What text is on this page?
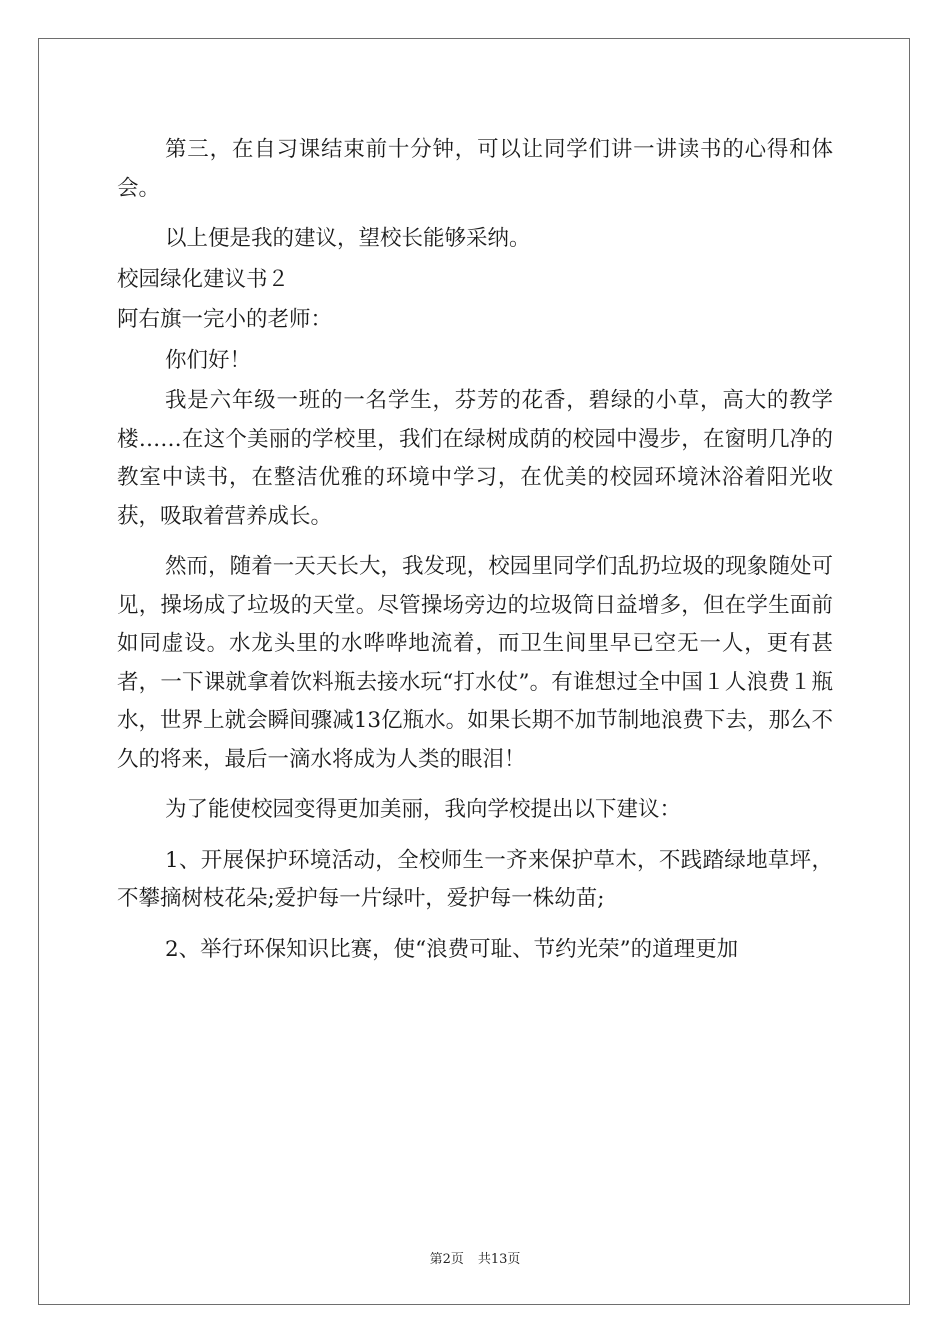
第三，在自习课结束前十分钟，可以让同学们讲一讲读书的心得和体会。

以上便是我的建议，望校长能够采纳。

校园绿化建议书２

阿右旗一完小的老师：

你们好！

我是六年级一班的一名学生，芬芳的花香，碧绿的小草，高大的教学楼……在这个美丽的学校里，我们在绿树成荫的校园中漫步，在窗明几净的教室中读书，在整洁优雅的环境中学习，在优美的校园环境沐浴着阳光收获，吸取着营养成长。

然而，随着一天天长大，我发现，校园里同学们乱扔垃圾的现象随处可见，操场成了垃圾的天堂。尽管操场旁边的垃圾筒日益增多，但在学生面前如同虚设。水龙头里的水哗哗地流着，而卫生间里早已空无一人，更有甚者，一下课就拿着饮料瓶去接水玩“打水仗”。有谁想过全中国１人浪费１瓶水，世界上就会瞬间骤减13亿瓶水。如果长期不加节制地浪费下去，那么不久的将来，最后一滴水将成为人类的眼泪！

为了能使校园变得更加美丽，我向学校提出以下建议：

1、开展保护环境活动，全校师生一齐来保护草木，不践踏绿地草坪，不攀摘树枝花朵;爱护每一片绿叶，爱护每一株幼苗;

2、举行环保知识比赛，使“浪费可耻、节约光荣”的道理更加

第2页 共13页
